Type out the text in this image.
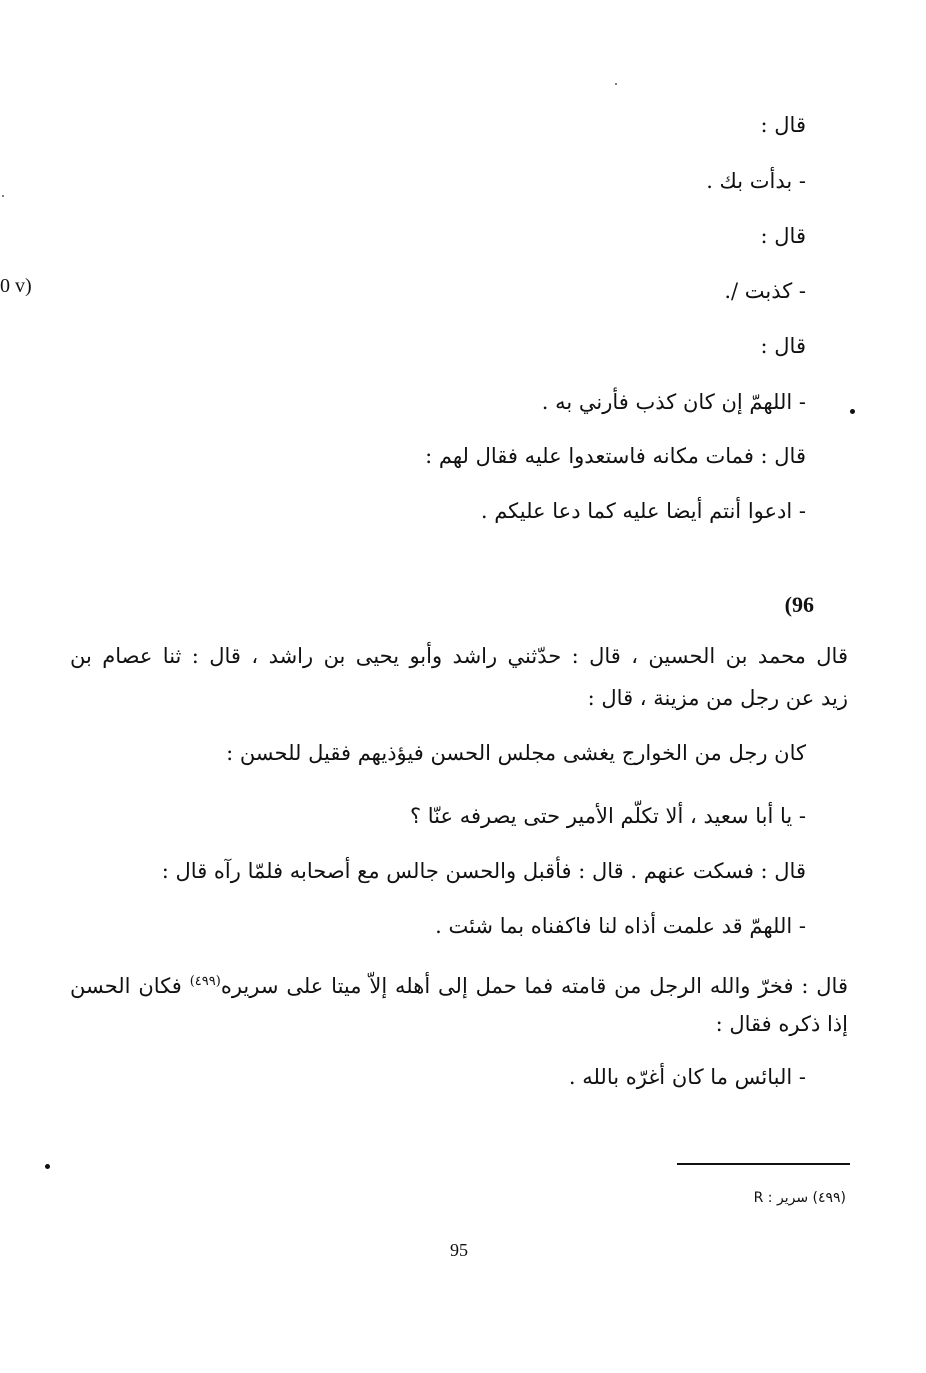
0 v)
قال :
- بدأت بك .
قال :
- كذبت /.
قال :
- اللهمّ إن كان كذب فأرني به .
قال : فمات مكانه فاستعدوا عليه فقال لهم :
- ادعوا أنتم أيضا عليه كما دعا عليكم .
(96
قال محمد بن الحسين ، قال : حدّثني راشد وأبو يحيى بن راشد ، قال : ثنا عصام بن
زيد عن رجل من مزينة ، قال :
كان رجل من الخوارج يغشى مجلس الحسن فيؤذيهم فقيل للحسن :
- يا أبا سعيد ، ألا تكلّم الأمير حتى يصرفه عنّا ؟
قال : فسكت عنهم . قال : فأقبل والحسن جالس مع أصحابه فلمّا رآه قال :
- اللهمّ قد علمت أذاه لنا فاكفناه بما شئت .
قال : فخرّ والله الرجل من قامته فما حمل إلى أهله إلاّ ميتا على سريره$^{(٤٩٩)}$ فكان الحسن
إذا ذكره فقال :
- البائس ما كان أغرّه بالله .
(٤٩٩) سرير : R
95
